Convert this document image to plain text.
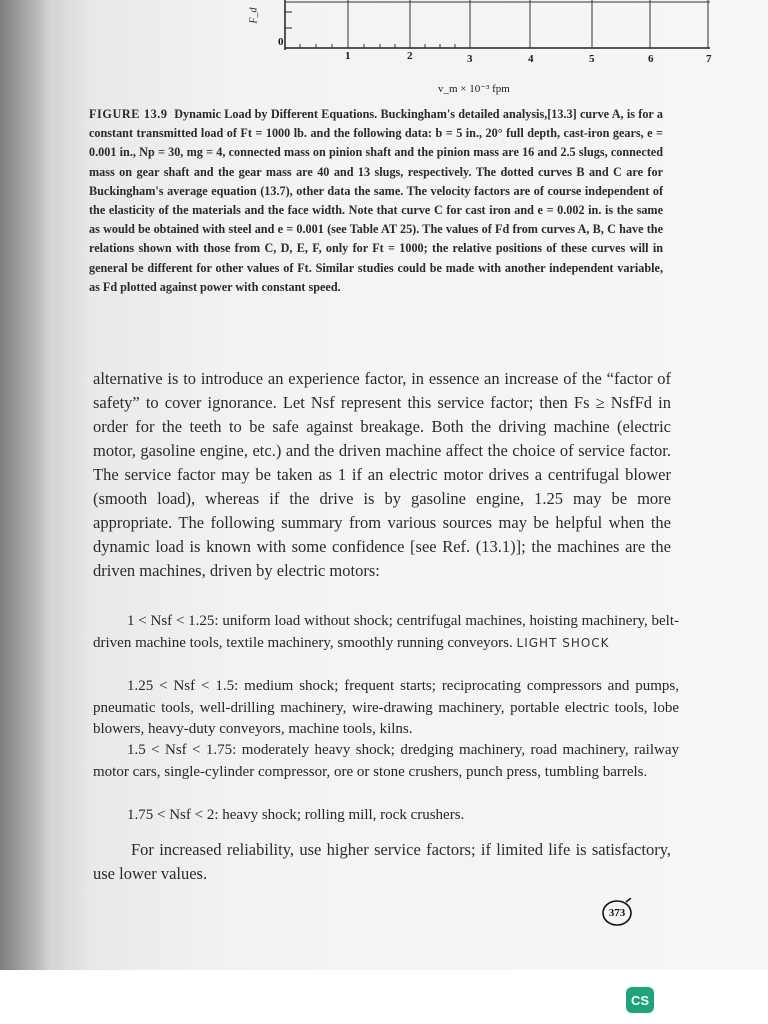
F_d
0
1	2	3	4	5	6	7
v_m × 10⁻³ fpm
FIGURE 13.9 Dynamic Load by Different Equations. Buckingham's detailed analysis,[13.3] curve A, is for a constant transmitted load of Ft = 1000 lb. and the following data: b = 5 in., 20° full depth, cast-iron gears, e = 0.001 in., Np = 30, mg = 4, connected mass on pinion shaft and the pinion mass are 16 and 2.5 slugs, connected mass on gear shaft and the gear mass are 40 and 13 slugs, respectively. The dotted curves B and C are for Buckingham's average equation (13.7), other data the same. The velocity factors are of course independent of the elasticity of the materials and the face width. Note that curve C for cast iron and e = 0.002 in. is the same as would be obtained with steel and e = 0.001 (see Table AT 25). The values of Fd from curves A, B, C have the relations shown with those from C, D, E, F, only for Ft = 1000; the relative positions of these curves will in general be different for other values of Ft. Similar studies could be made with another independent variable, as Fd plotted against power with constant speed.
alternative is to introduce an experience factor, in essence an increase of the “factor of safety” to cover ignorance. Let Nsf represent this service factor; then Fs ≥ NsfFd in order for the teeth to be safe against breakage. Both the driving machine (electric motor, gasoline engine, etc.) and the driven machine affect the choice of service factor. The service factor may be taken as 1 if an electric motor drives a centrifugal blower (smooth load), whereas if the drive is by gasoline engine, 1.25 may be more appropriate. The following summary from various sources may be helpful when the dynamic load is known with some confidence [see Ref. (13.1)]; the machines are the driven machines, driven by electric motors:
1 < Nsf < 1.25: uniform load without shock; centrifugal machines, hoisting machinery, belt-driven machine tools, textile machinery, smoothly running conveyors. LIGHT SHOCK
1.25 < Nsf < 1.5: medium shock; frequent starts; reciprocating compressors and pumps, pneumatic tools, well-drilling machinery, wire-drawing machinery, portable electric tools, lobe blowers, heavy-duty conveyors, machine tools, kilns.
1.5 < Nsf < 1.75: moderately heavy shock; dredging machinery, road machinery, railway motor cars, single-cylinder compressor, ore or stone crushers, punch press, tumbling barrels.
1.75 < Nsf < 2: heavy shock; rolling mill, rock crushers.
For increased reliability, use higher service factors; if limited life is satisfactory, use lower values.
373
CS
